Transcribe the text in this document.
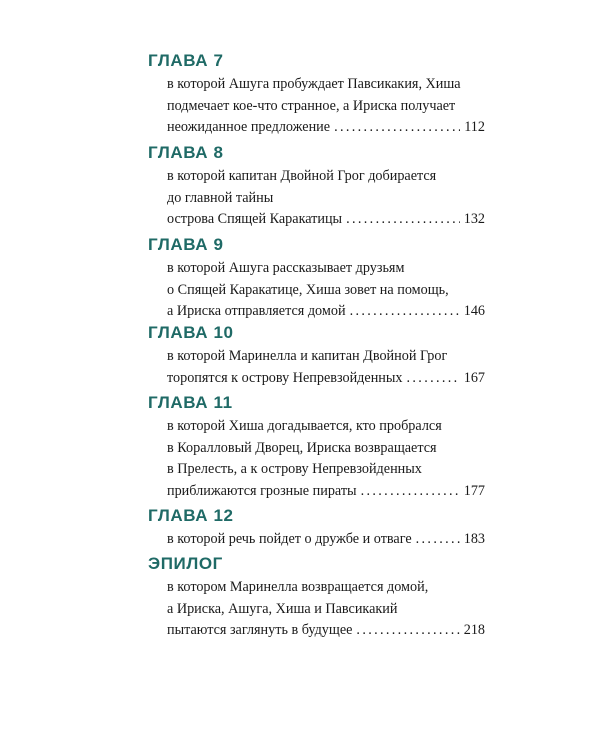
ГЛАВА 7
в которой Ашуга пробуждает Павсикакия, Хиша
подмечает кое-что странное, а Ириска получает
неожиданное предложение . . .	112
ГЛАВА 8
в которой капитан Двойной Грог добирается
до главной тайны
острова Спящей Каракатицы . . .	132
ГЛАВА 9
в которой Ашуга рассказывает друзьям
о Спящей Каракатице, Хиша зовет на помощь,
а Ириска отправляется домой . . .	146
ГЛАВА 10
в которой Маринелла и капитан Двойной Грог
торопятся к острову Непревзойденных . . .	167
ГЛАВА 11
в которой Хиша догадывается, кто пробрался
в Коралловый Дворец, Ириска возвращается
в Прелесть, а к острову Непревзойденных
приближаются грозные пираты . . .	177
ГЛАВА 12
в которой речь пойдет о дружбе и отваге . . .	183
ЭПИЛОГ
в котором Маринелла возвращается домой,
а Ириска, Ашуга, Хиша и Павсикакий
пытаются заглянуть в будущее . . .	218
